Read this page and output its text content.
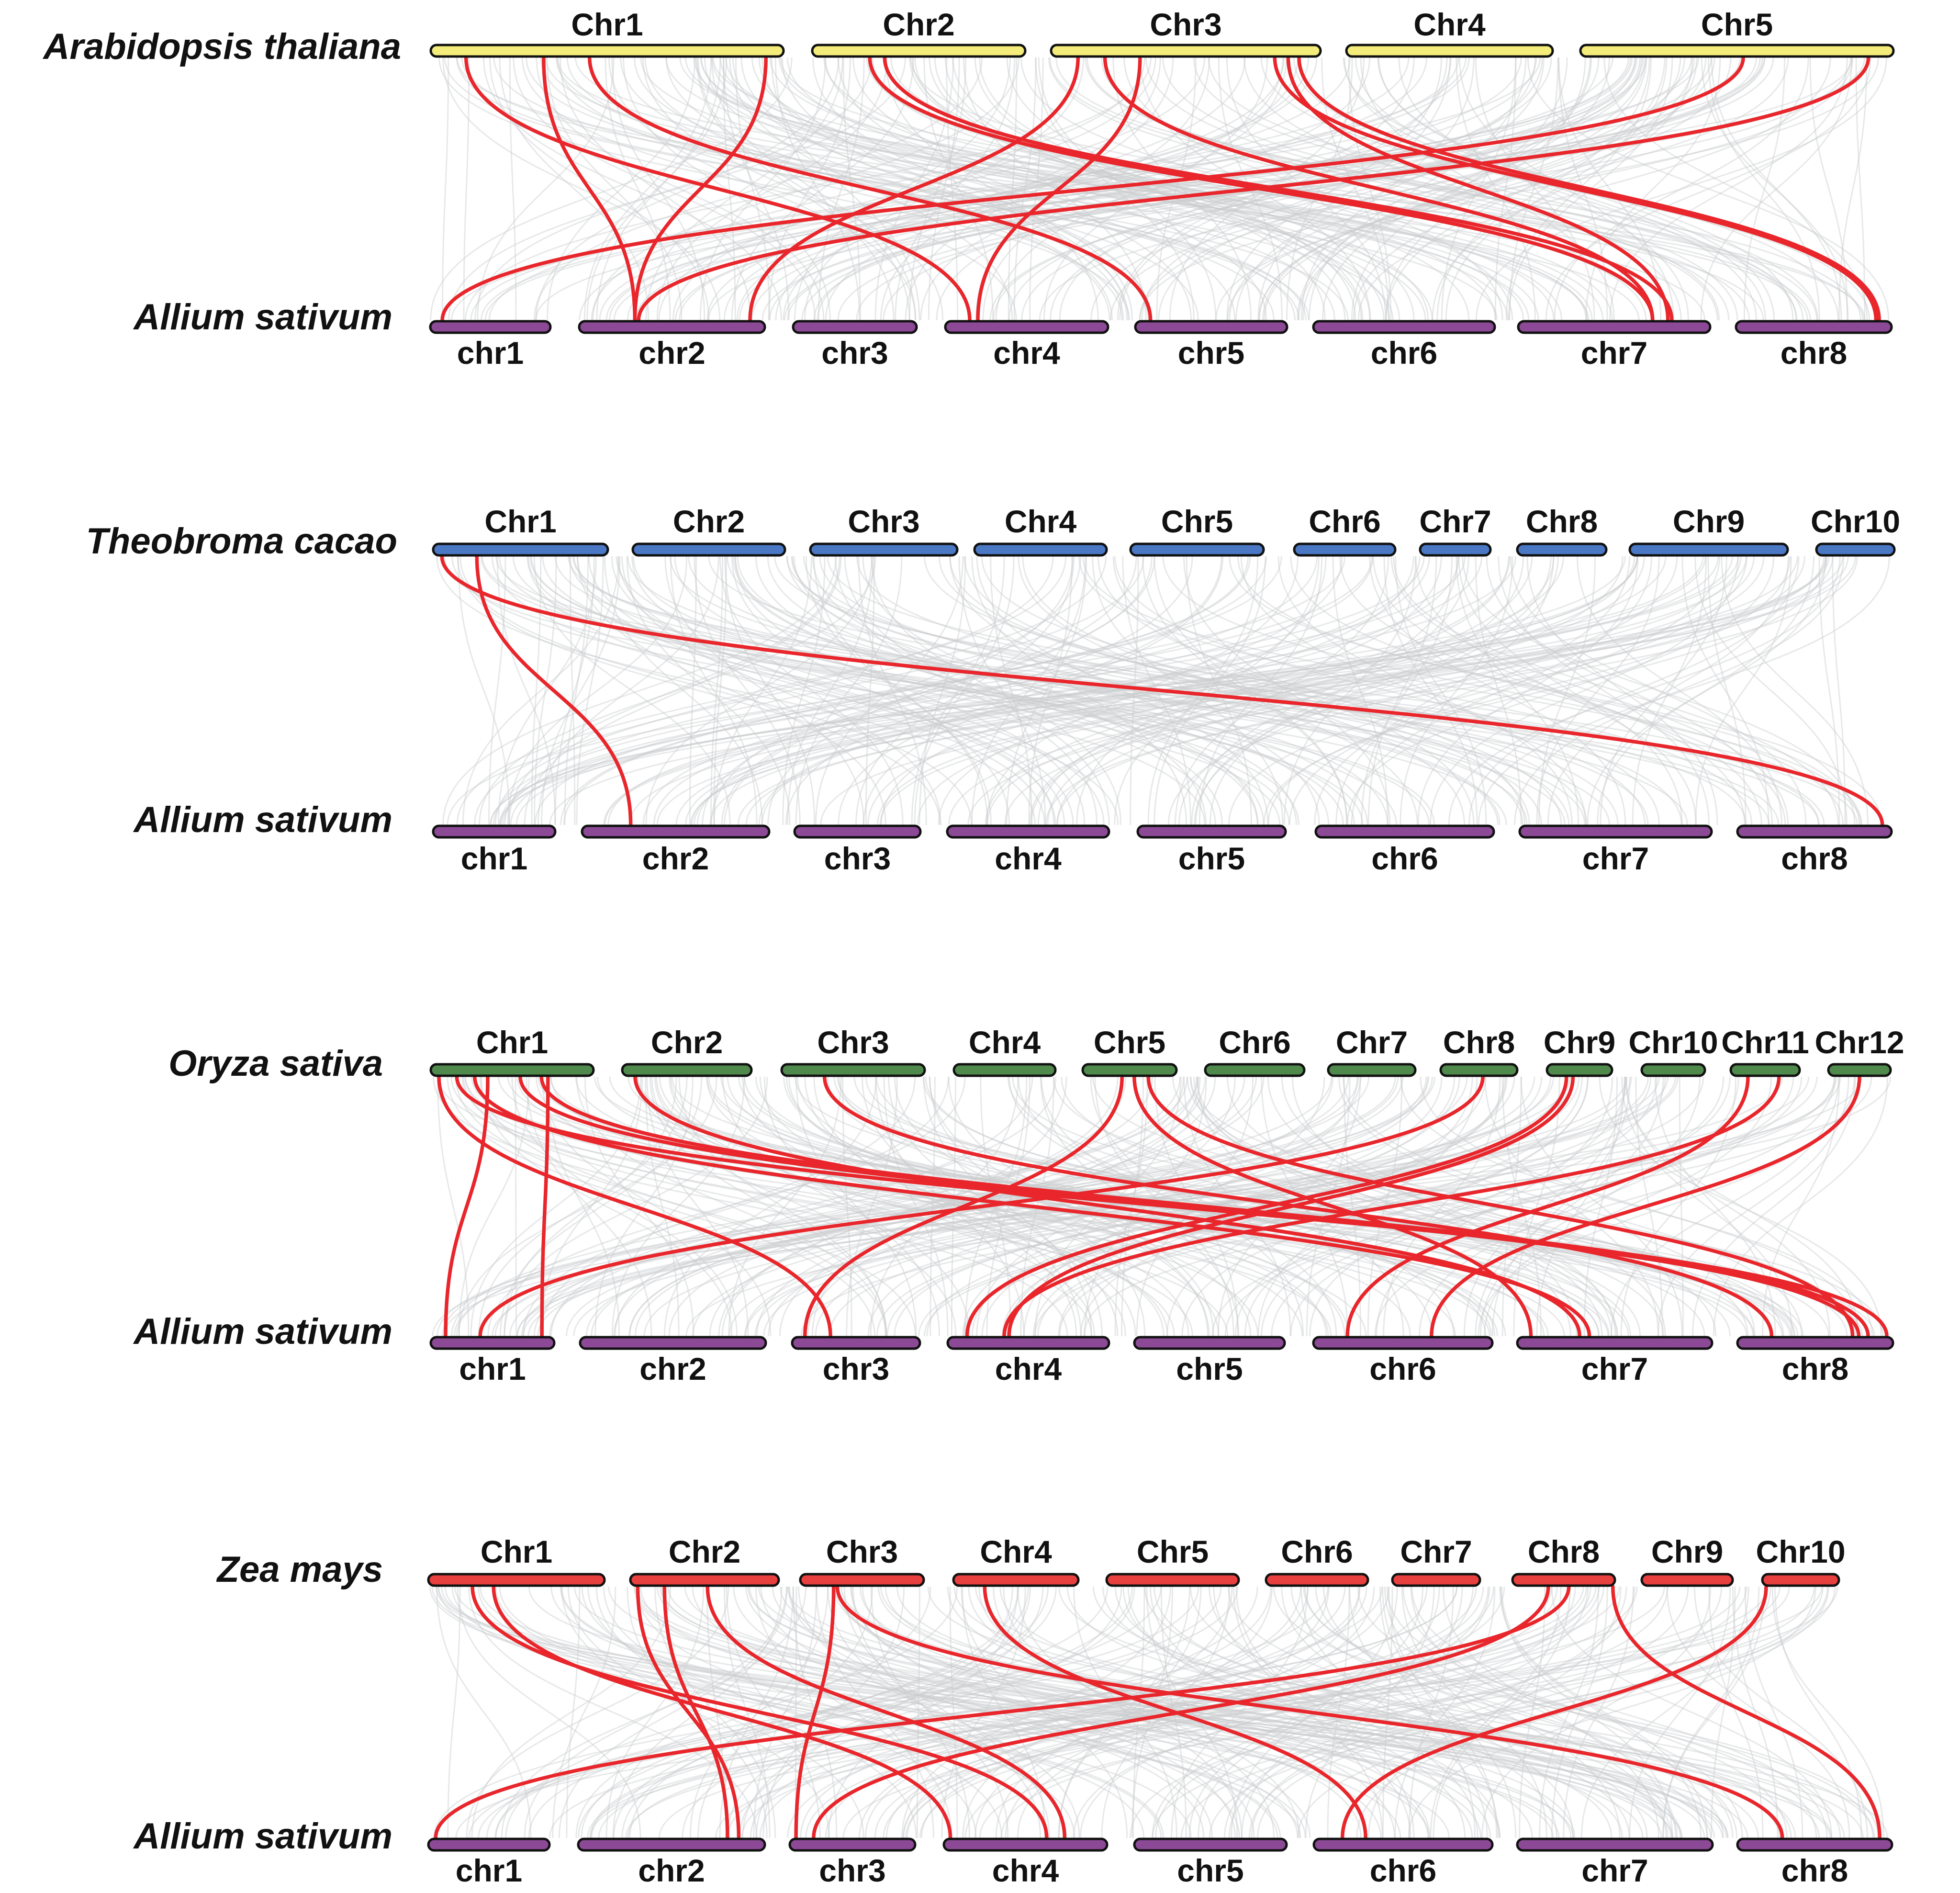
Arabidopsis thaliana
Allium sativum
Chr1	Chr2	Chr3	Chr4	Chr5
chr1	chr2	chr3	chr4	chr5	chr6	chr7	chr8
Theobroma cacao
Allium sativum
Chr1	Chr2	Chr3	Chr4	Chr5 Chr6 Chr7 Chr8 Chr9 Chr10
chr1	chr2	chr3	chr4	chr5	chr6	chr7	chr8
Oryza sativa
Allium sativum
Chr1	Chr2	Chr3	Chr4 Chr5 Chr6 Chr7 Chr8 Chr9 Chr10 Chr11 Chr12
chr1	chr2	chr3	chr4	chr5	chr6	chr7	chr8
Zea mays
Allium sativum
Chr1	Chr2	Chr3	Chr4	Chr5 Chr6 Chr7 Chr8 Chr9 Chr10
chr1	chr2	chr3	chr4	chr5	chr6	chr7	chr8
